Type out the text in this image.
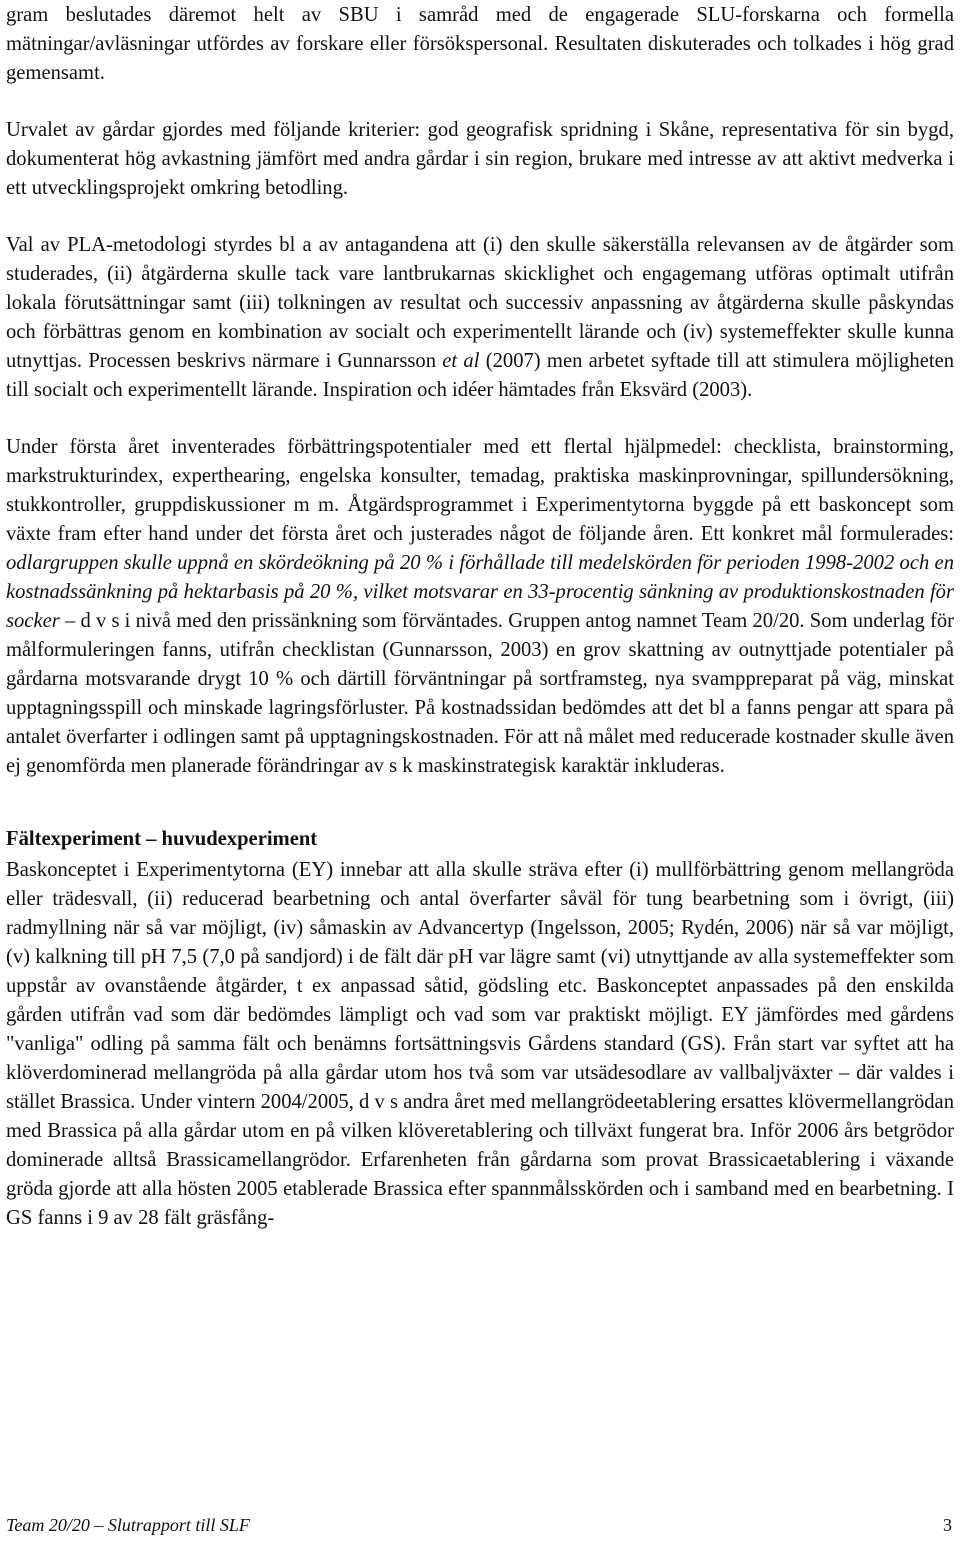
gram beslutades däremot helt av SBU i samråd med de engagerade SLU-forskarna och formella mätningar/avläsningar utfördes av forskare eller försökspersonal. Resultaten diskuterades och tolkades i hög grad gemensamt.

Urvalet av gårdar gjordes med följande kriterier: god geografisk spridning i Skåne, representativa för sin bygd, dokumenterat hög avkastning jämfört med andra gårdar i sin region, brukare med intresse av att aktivt medverka i ett utvecklingsprojekt omkring betodling.

Val av PLA-metodologi styrdes bl a av antagandena att (i) den skulle säkerställa relevansen av de åtgärder som studerades, (ii) åtgärderna skulle tack vare lantbrukarnas skicklighet och engagemang utföras optimalt utifrån lokala förutsättningar samt (iii) tolkningen av resultat och successiv anpassning av åtgärderna skulle påskyndas och förbättras genom en kombination av socialt och experimentellt lärande och (iv) systemeffekter skulle kunna utnyttjas. Processen beskrivs närmare i Gunnarsson et al (2007) men arbetet syftade till att stimulera möjligheten till socialt och experimentellt lärande. Inspiration och idéer hämtades från Eksvärd (2003).

Under första året inventerades förbättringspotentialer med ett flertal hjälpmedel: checklista, brainstorming, markstrukturindex, experthearing, engelska konsulter, temadag, praktiska maskinprovningar, spillundersökning, stukkontroller, gruppdiskussioner m m. Åtgärdsprogrammet i Experimentytorna byggde på ett baskoncept som växte fram efter hand under det första året och justerades något de följande åren. Ett konkret mål formulerades: odlargruppen skulle uppnå en skördeökning på 20 % i förhållade till medelskörden för perioden 1998-2002 och en kostnadssänkning på hektarbasis på 20 %, vilket motsvarar en 33-procentig sänkning av produktionskostnaden för socker – d v s i nivå med den prissänkning som förväntades. Gruppen antog namnet Team 20/20. Som underlag för målformuleringen fanns, utifrån checklistan (Gunnarsson, 2003) en grov skattning av outnyttjade potentialer på gårdarna motsvarande drygt 10 % och därtill förväntningar på sortframsteg, nya svamppreparat på väg, minskat upptagningsspill och minskade lagringsförluster. På kostnadssidan bedömdes att det bl a fanns pengar att spara på antalet överfarter i odlingen samt på upptagningskostnaden. För att nå målet med reducerade kostnader skulle även ej genomförda men planerade förändringar av s k maskinstrategisk karaktär inkluderas.

Fältexperiment – huvudexperiment

Baskonceptet i Experimentytorna (EY) innebar att alla skulle sträva efter (i) mullförbättring genom mellangröda eller trädesvall, (ii) reducerad bearbetning och antal överfarter såväl för tung bearbetning som i övrigt, (iii) radmyllning när så var möjligt, (iv) såmaskin av Advancertyp (Ingelsson, 2005; Rydén, 2006) när så var möjligt, (v) kalkning till pH 7,5 (7,0 på sandjord) i de fält där pH var lägre samt (vi) utnyttjande av alla systemeffekter som uppstår av ovanstående åtgärder, t ex anpassad såtid, gödsling etc. Baskonceptet anpassades på den enskilda gården utifrån vad som där bedömdes lämpligt och vad som var praktiskt möjligt. EY jämfördes med gårdens "vanliga" odling på samma fält och benämns fortsättningsvis Gårdens standard (GS). Från start var syftet att ha klöverdominerad mellangröda på alla gårdar utom hos två som var utsädesodlare av vallbaljväxter – där valdes i stället Brassica. Under vintern 2004/2005, d v s andra året med mellangrödeetablering ersattes klövermellangrödan med Brassica på alla gårdar utom en på vilken klöveretablering och tillväxt fungerat bra. Inför 2006 års betgrödor dominerade alltså Brassicamellangrödor. Erfarenheten från gårdarna som provat Brassicaetablering i växande gröda gjorde att alla hösten 2005 etablerade Brassica efter spannmålsskörden och i samband med en bearbetning. I GS fanns i 9 av 28 fält gräsfång-

Team 20/20 – Slutrapport till SLF	3
